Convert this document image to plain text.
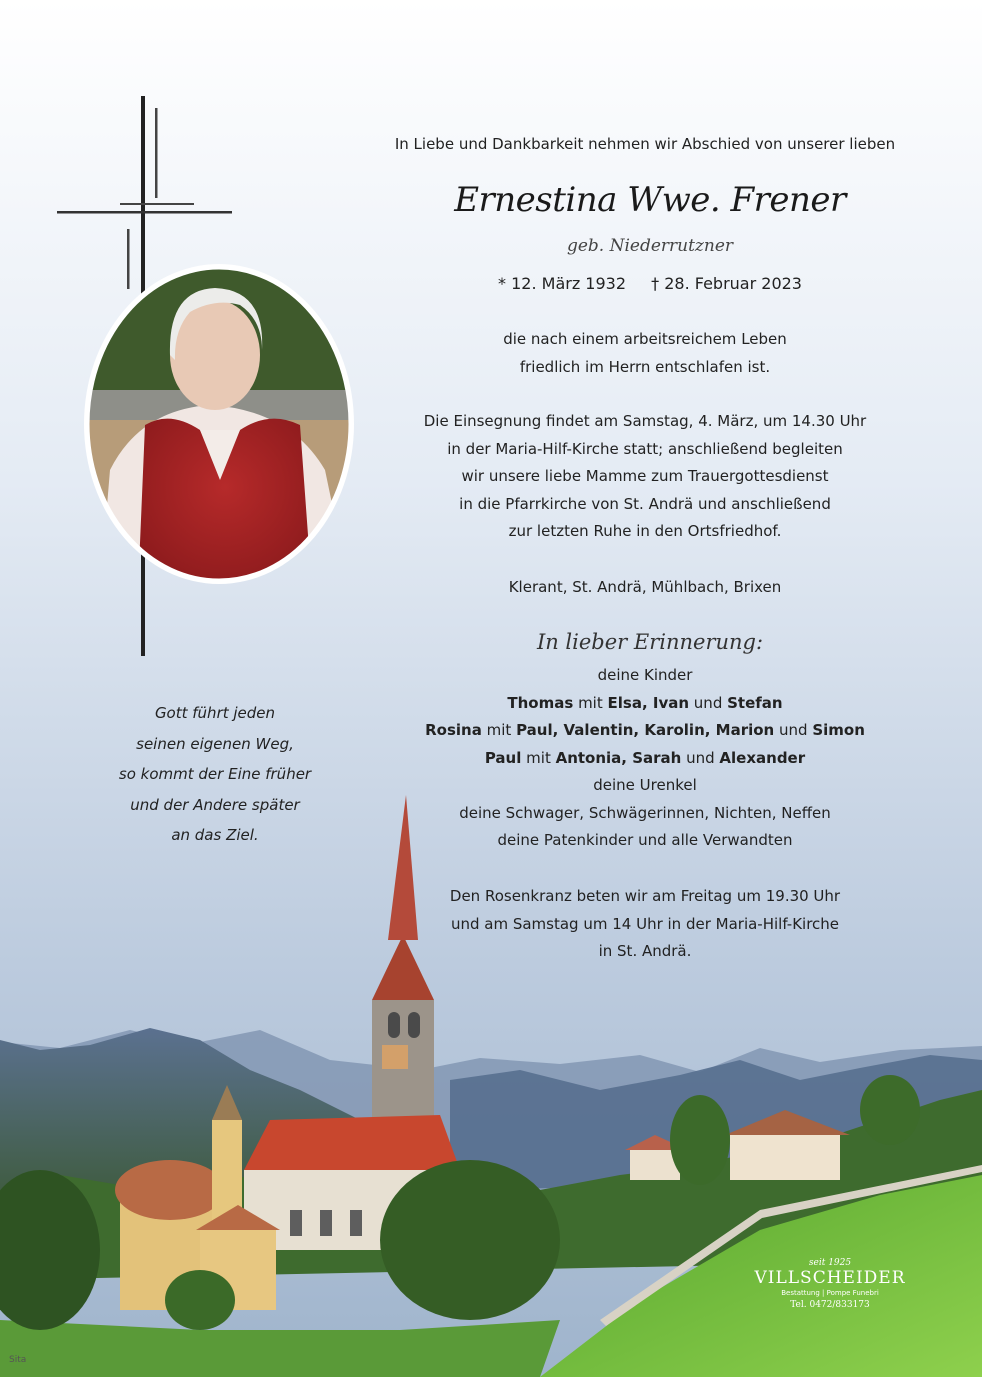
In Liebe und Dankbarkeit nehmen wir Abschied von unserer lieben
Ernestina Wwe. Frener
geb. Niederrutzner
* 12. März 1932 † 28. Februar 2023
die nach einem arbeitsreichem Leben
friedlich im Herrn entschlafen ist.
Die Einsegnung findet am Samstag, 4. März, um 14.30 Uhr
in der Maria-Hilf-Kirche statt; anschließend begleiten
wir unsere liebe Mamme zum Trauergottesdienst
in die Pfarrkirche von St. Andrä und anschließend
zur letzten Ruhe in den Ortsfriedhof.
Klerant, St. Andrä, Mühlbach, Brixen
In lieber Erinnerung:
deine Kinder
Thomas mit Elsa, Ivan und Stefan
Rosina mit Paul, Valentin, Karolin, Marion und Simon
Paul mit Antonia, Sarah und Alexander
deine Urenkel
deine Schwager, Schwägerinnen, Nichten, Neffen
deine Patenkinder und alle Verwandten
Den Rosenkranz beten wir am Freitag um 19.30 Uhr
und am Samstag um 14 Uhr in der Maria-Hilf-Kirche
in St. Andrä.
Gott führt jeden
seinen eigenen Weg,
so kommt der Eine früher
und der Andere später
an das Ziel.
seit 1925
VILLSCHEIDER
Bestattung | Pompe Funebri
Tel. 0472/833173
Sita
